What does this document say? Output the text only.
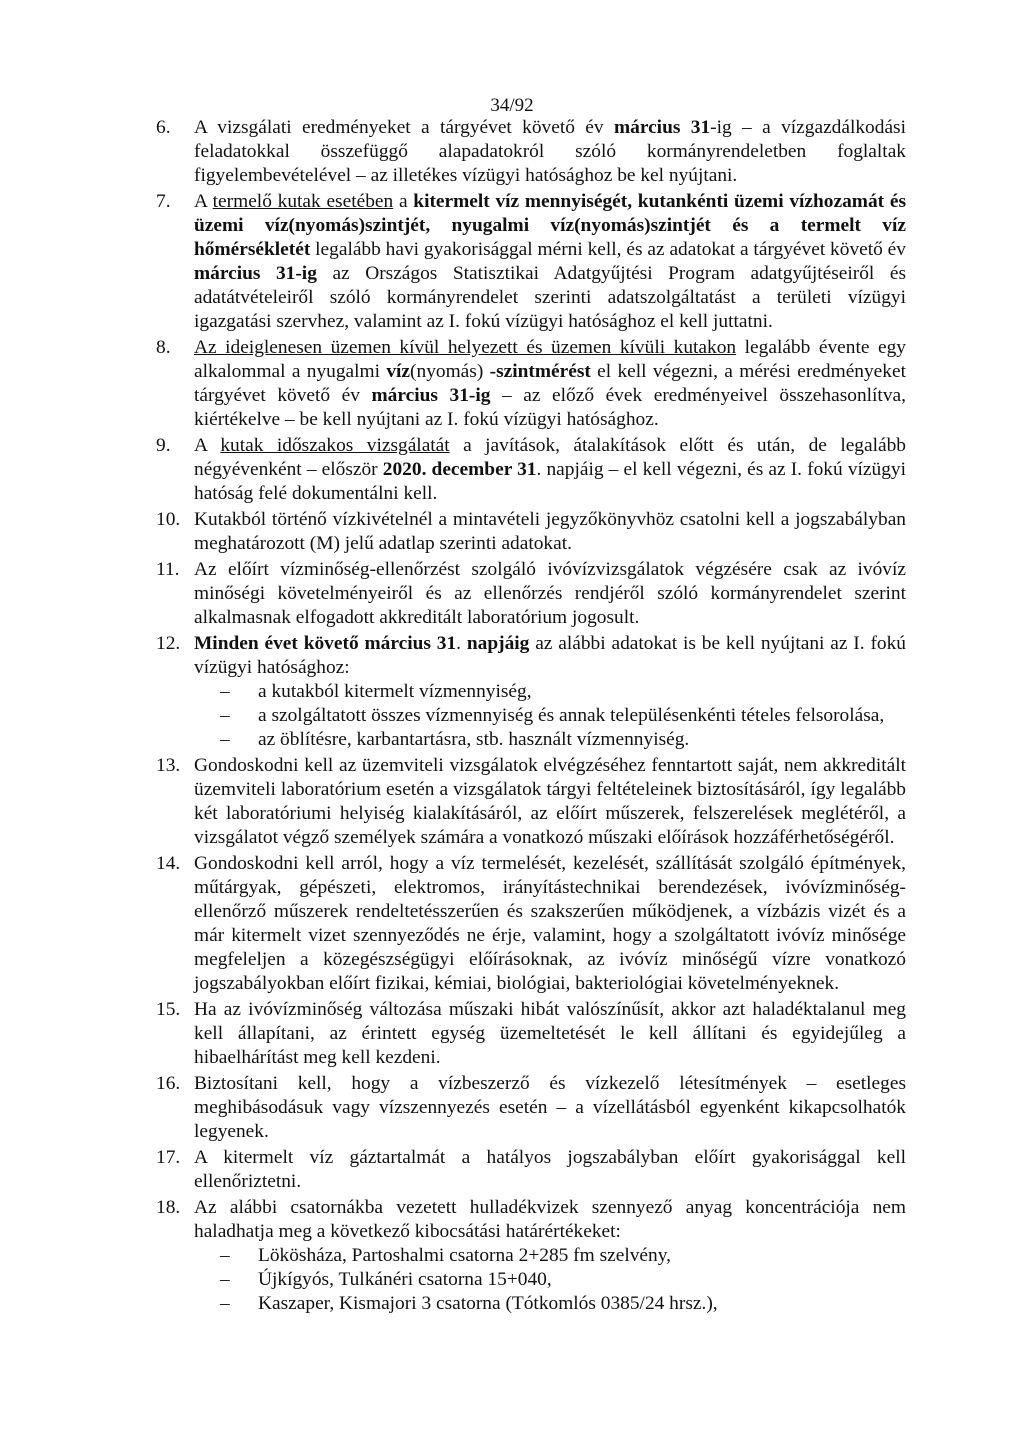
34/92
6.	A vizsgálati eredményeket a tárgyévet követő év március 31-ig – a vízgazdálkodási feladatokkal összefüggő alapadatokról szóló kormányrendeletben foglaltak figyelembevételével – az illetékes vízügyi hatósághoz be kel nyújtani.
7.	A termelő kutak esetében a kitermelt víz mennyiségét, kutankénti üzemi vízhozamát és üzemi víz(nyomás)szintjét, nyugalmi víz(nyomás)szintjét és a termelt víz hőmérsékletét legalább havi gyakorisággal mérni kell, és az adatokat a tárgyévet követő év március 31-ig az Országos Statisztikai Adatgyűjtési Program adatgyűjtéseiről és adatátvételeiről szóló kormányrendelet szerinti adatszolgáltatást a területi vízügyi igazgatási szervhez, valamint az I. fokú vízügyi hatósághoz el kell juttatni.
8.	Az ideiglenesen üzemen kívül helyezett és üzemen kívüli kutakon legalább évente egy alkalommal a nyugalmi víz(nyomás) -szintmérést el kell végezni, a mérési eredményeket tárgyévet követő év március 31-ig – az előző évek eredményeivel összehasonlítva, kiértékelve – be kell nyújtani az I. fokú vízügyi hatósághoz.
9.	A kutak időszakos vizsgálatát a javítások, átalakítások előtt és után, de legalább négyévenként – először 2020. december 31. napjáig – el kell végezni, és az I. fokú vízügyi hatóság felé dokumentálni kell.
10. Kutakból történő vízkivételnél a mintavételi jegyzőkönyvhöz csatolni kell a jogszabályban meghatározott (M) jelű adatlap szerinti adatokat.
11. Az előírt vízminőség-ellenőrzést szolgáló ivóvízvizsgálatok végzésére csak az ivóvíz minőségi követelményeiről és az ellenőrzés rendjéről szóló kormányrendelet szerint alkalmasnak elfogadott akkreditált laboratórium jogosult.
12. Minden évet követő március 31. napjáig az alábbi adatokat is be kell nyújtani az I. fokú vízügyi hatósághoz:
– a kutakból kitermelt vízmennyiség,
– a szolgáltatott összes vízmennyiség és annak településenkénti tételes felsorolása,
– az öblítésre, karbantartásra, stb. használt vízmennyiség.
13. Gondoskodni kell az üzemviteli vizsgálatok elvégzéséhez fenntartott saját, nem akkreditált üzemviteli laboratórium esetén a vizsgálatok tárgyi feltételeinek biztosításáról, így legalább két laboratóriumi helyiség kialakításáról, az előírt műszerek, felszerelések meglétéről, a vizsgálatot végző személyek számára a vonatkozó műszaki előírások hozzáférhetőségéről.
14. Gondoskodni kell arról, hogy a víz termelését, kezelését, szállítását szolgáló építmények, műtárgyak, gépészeti, elektromos, irányítástechnikai berendezések, ivóvízminőség-ellenőrző műszerek rendeltetésszerűen és szakszerűen működjenek, a vízbázis vizét és a már kitermelt vizet szennyeződés ne érje, valamint, hogy a szolgáltatott ivóvíz minősége megfeleljen a közegészségügyi előírásoknak, az ivóvíz minőségű vízre vonatkozó jogszabályokban előírt fizikai, kémiai, biológiai, bakteriológiai követelményeknek.
15. Ha az ivóvízminőség változása műszaki hibát valószínűsít, akkor azt haladéktalanul meg kell állapítani, az érintett egység üzemeltetését le kell állítani és egyidejűleg a hibaelhárítást meg kell kezdeni.
16. Biztosítani kell, hogy a vízbeszerző és vízkezelő létesítmények – esetleges meghibásodásuk vagy vízszennyezés esetén – a vízellátásból egyenként kikapcsolhatók legyenek.
17. A kitermelt víz gáztartalmát a hatályos jogszabályban előírt gyakorisággal kell ellenőriztetni.
18. Az alábbi csatornákba vezetett hulladékvizek szennyező anyag koncentrációja nem haladhatja meg a következő kibocsátási határértékeket:
– Lökösháza, Partoshalmi csatorna 2+285 fm szelvény,
– Újkígyós, Tulkánéri csatorna 15+040,
– Kaszaper, Kismajori 3 csatorna (Tótkomlós 0385/24 hrsz.),
